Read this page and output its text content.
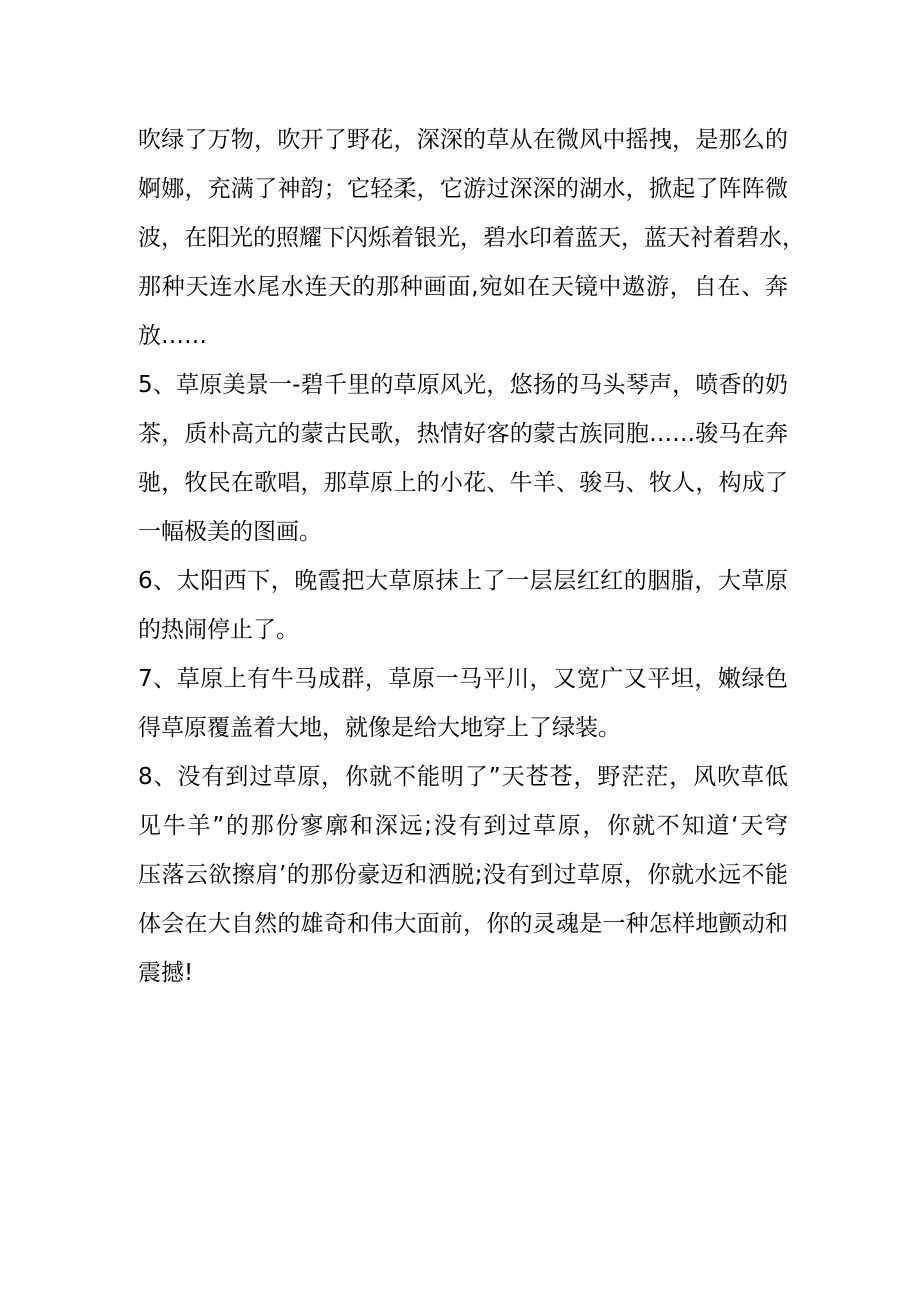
吹绿了万物，吹开了野花，深深的草从在微风中摇拽，是那么的
婀娜，充满了神韵；它轻柔，它游过深深的湖水，掀起了阵阵微
波，在阳光的照耀下闪烁着银光，碧水印着蓝天，蓝天衬着碧水，
那种天连水尾水连天的那种画面,宛如在天镜中遨游，自在、奔
放……
5、草原美景一-碧千里的草原风光，悠扬的马头琴声，喷香的奶
茶，质朴高亢的蒙古民歌，热情好客的蒙古族同胞……骏马在奔
驰，牧民在歌唱，那草原上的小花、牛羊、骏马、牧人，构成了
一幅极美的图画。
6、太阳西下，晚霞把大草原抹上了一层层红红的胭脂，大草原
的热闹停止了。
7、草原上有牛马成群，草原一马平川，又宽广又平坦，嫩绿色
得草原覆盖着大地，就像是给大地穿上了绿装。
8、没有到过草原，你就不能明了”天苍苍，野茫茫，风吹草低
见牛羊”的那份寥廓和深远;没有到过草原，你就不知道‘天穹
压落云欲擦肩’的那份豪迈和洒脱;没有到过草原，你就水远不能
体会在大自然的雄奇和伟大面前，你的灵魂是一种怎样地颤动和
震撼!
